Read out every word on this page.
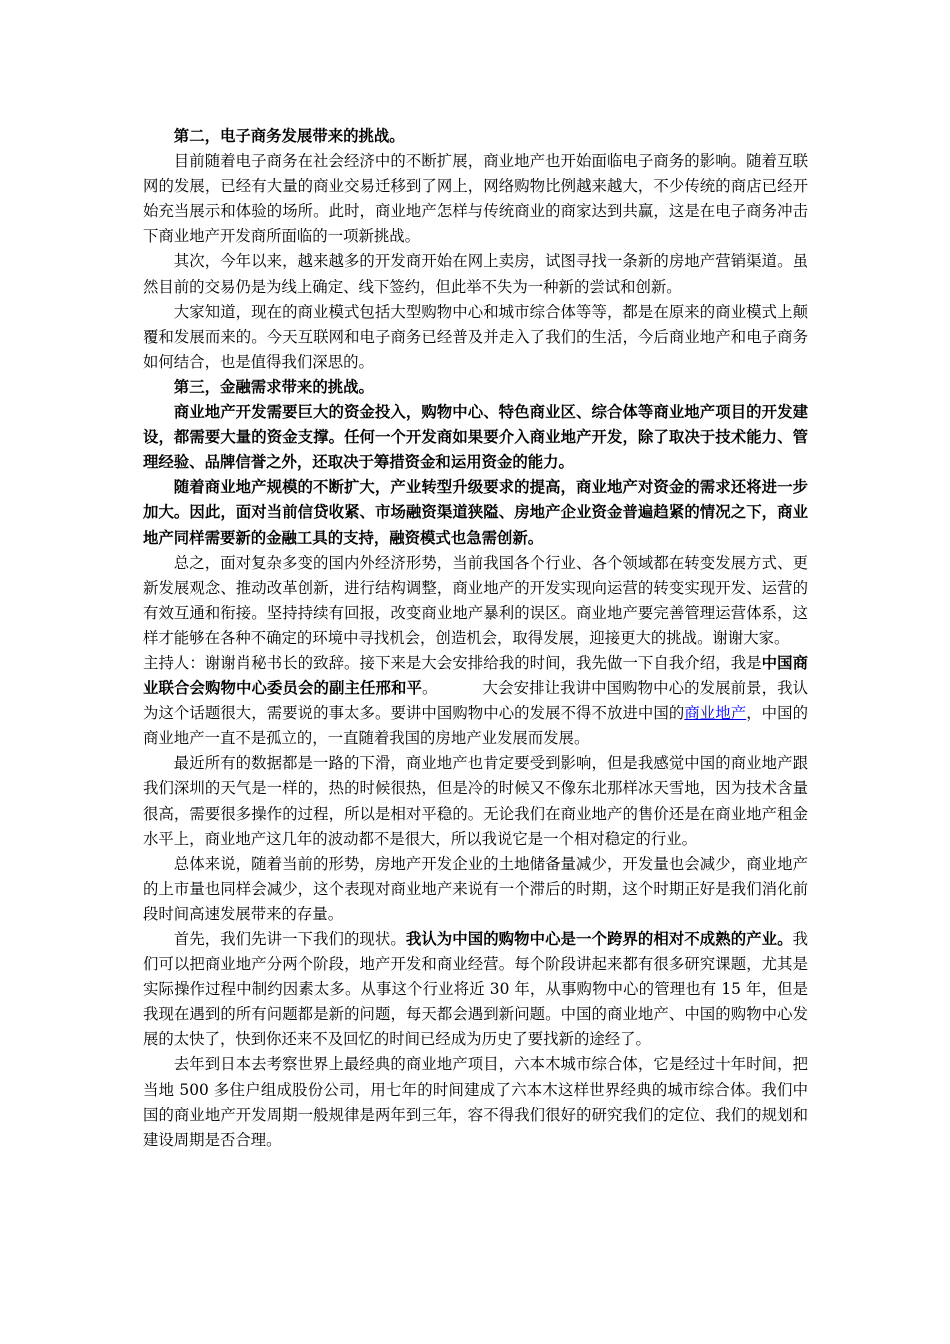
第二，电子商务发展带来的挑战。

目前随着电子商务在社会经济中的不断扩展，商业地产也开始面临电子商务的影响。随着互联网的发展，已经有大量的商业交易迁移到了网上，网络购物比例越来越大，不少传统的商店已经开始充当展示和体验的场所。此时，商业地产怎样与传统商业的商家达到共赢，这是在电子商务冲击下商业地产开发商所面临的一项新挑战。

其次，今年以来，越来越多的开发商开始在网上卖房，试图寻找一条新的房地产营销渠道。虽然目前的交易仍是为线上确定、线下签约，但此举不失为一种新的尝试和创新。

大家知道，现在的商业模式包括大型购物中心和城市综合体等等，都是在原来的商业模式上颠覆和发展而来的。今天互联网和电子商务已经普及并走入了我们的生活，今后商业地产和电子商务如何结合，也是值得我们深思的。

第三，金融需求带来的挑战。

商业地产开发需要巨大的资金投入，购物中心、特色商业区、综合体等商业地产项目的开发建设，都需要大量的资金支撑。任何一个开发商如果要介入商业地产开发，除了取决于技术能力、管理经验、品牌信誉之外，还取决于筹措资金和运用资金的能力。

随着商业地产规模的不断扩大，产业转型升级要求的提高，商业地产对资金的需求还将进一步加大。因此，面对当前信贷收紧、市场融资渠道狭隘、房地产企业资金普遍趋紧的情况之下，商业地产同样需要新的金融工具的支持，融资模式也急需创新。

总之，面对复杂多变的国内外经济形势，当前我国各个行业、各个领域都在转变发展方式、更新发展观念、推动改革创新，进行结构调整，商业地产的开发实现向运营的转变实现开发、运营的有效互通和衔接。坚持持续有回报，改变商业地产暴利的误区。商业地产要完善管理运营体系，这样才能够在各种不确定的环境中寻找机会，创造机会，取得发展，迎接更大的挑战。谢谢大家。

主持人：谢谢肖秘书长的致辞。接下来是大会安排给我的时间，我先做一下自我介绍，我是中国商业联合会购物中心委员会的副主任邢和平。	大会安排让我讲中国购物中心的发展前景，我认为这个话题很大，需要说的事太多。要讲中国购物中心的发展不得不放进中国的商业地产，中国的商业地产一直不是孤立的，一直随着我国的房地产业发展而发展。

最近所有的数据都是一路的下滑，商业地产也肯定要受到影响，但是我感觉中国的商业地产跟我们深圳的天气是一样的，热的时候很热，但是冷的时候又不像东北那样冰天雪地，因为技术含量很高，需要很多操作的过程，所以是相对平稳的。无论我们在商业地产的售价还是在商业地产租金水平上，商业地产这几年的波动都不是很大，所以我说它是一个相对稳定的行业。

总体来说，随着当前的形势，房地产开发企业的土地储备量减少，开发量也会减少，商业地产的上市量也同样会减少，这个表现对商业地产来说有一个滞后的时期，这个时期正好是我们消化前段时间高速发展带来的存量。

首先，我们先讲一下我们的现状。我认为中国的购物中心是一个跨界的相对不成熟的产业。我们可以把商业地产分两个阶段，地产开发和商业经营。每个阶段讲起来都有很多研究课题，尤其是实际操作过程中制约因素太多。从事这个行业将近 30 年，从事购物中心的管理也有 15 年，但是我现在遇到的所有问题都是新的问题，每天都会遇到新问题。中国的商业地产、中国的购物中心发展的太快了，快到你还来不及回忆的时间已经成为历史了要找新的途经了。

去年到日本去考察世界上最经典的商业地产项目，六本木城市综合体，它是经过十年时间，把当地 500 多住户组成股份公司，用七年的时间建成了六本木这样世界经典的城市综合体。我们中国的商业地产开发周期一般规律是两年到三年，容不得我们很好的研究我们的定位、我们的规划和建设周期是否合理。
